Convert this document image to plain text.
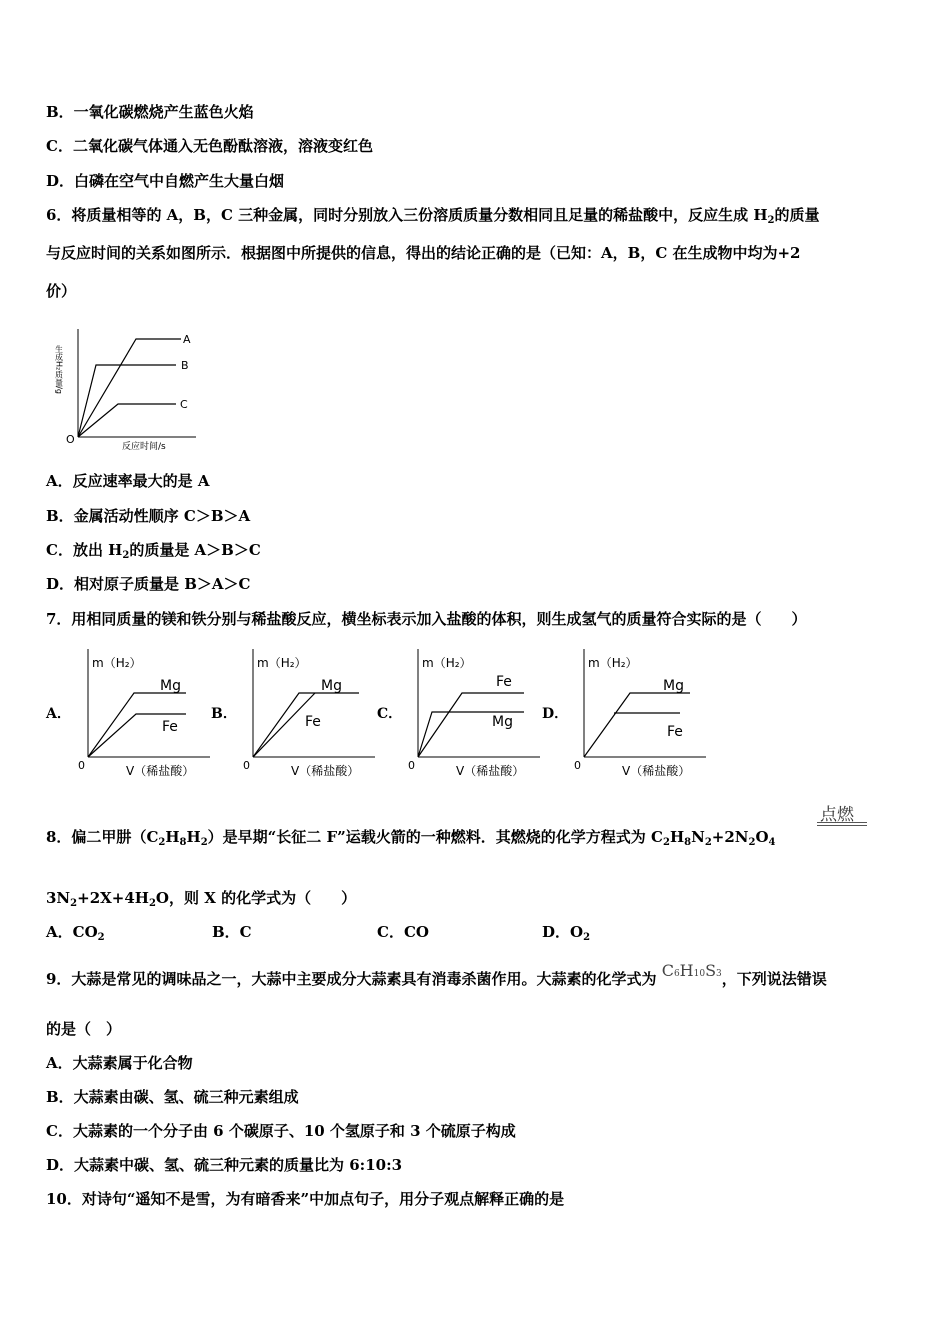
B．一氧化碳燃烧产生蓝色火焰
C．二氧化碳气体通入无色酚酞溶液，溶液变红色
D．白磷在空气中自燃产生大量白烟
6．将质量相等的 A，B，C 三种金属，同时分别放入三份溶质质量分数相同且足量的稀盐酸中，反应生成 $H_2$的质量
与反应时间的关系如图所示．根据图中所提供的信息，得出的结论正确的是（已知：A，B，C 在生成物中均为+2
价）
A
B
C
O
反应时间/s
生成H₂质量/g
A．反应速率最大的是 A
B．金属活动性顺序 C＞B＞A
C．放出 $H_2$的质量是 A＞B＞C
D．相对原子质量是 B＞A＞C
7．用相同质量的镁和铁分别与稀盐酸反应，横坐标表示加入盐酸的体积，则生成氢气的质量符合实际的是（　　）
A．
m（H₂）
Mg
Fe
0	V（稀盐酸）
B．
m（H₂）
Mg
Fe
0	V（稀盐酸）
C．
m（H₂）
Fe
Mg
0	V（稀盐酸）
D．
m（H₂）
Mg
Fe
0	V（稀盐酸）
点燃
8．偏二甲肼$(C_2H_8H_2)$是早期“长征二 F”运载火箭的一种燃料．其燃烧的化学方程式为 $C_2H_8N_2+2N_2O_4$
$3N_2+2X+4H_2O$，则 X 的化学式为（　　）
A．$CO_2$	B．C	C．CO	D．$O_2$
9．大蒜是常见的调味品之一，大蒜中主要成分大蒜素具有消毒杀菌作用。大蒜素的化学式为 C6H10S3，下列说法错误
的是（　）
A．大蒜素属于化合物
B．大蒜素由碳、氢、硫三种元素组成
C．大蒜素的一个分子由 6 个碳原子、10 个氢原子和 3 个硫原子构成
D．大蒜素中碳、氢、硫三种元素的质量比为 6:10:3
10．对诗句“遥知不是雪，为有暗香来”中加点句子，用分子观点解释正确的是
